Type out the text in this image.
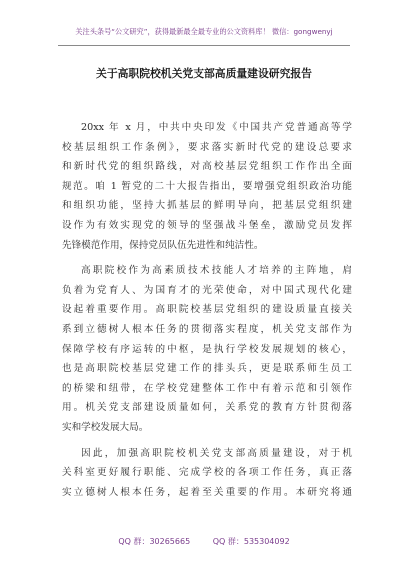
关注头条号“公文研究”，获得最新最全最专业的公文资料库！ 微信：gongwenyj
关于高职院校机关党支部高质量建设研究报告

20xx 年 x 月，中共中央印发《中国共产党普通高等学
校基层组织工作条例》，要求落实新时代党的建设总要求
和新时代党的组织路线，对高校基层党组织工作作出全面
规范。咱 1 暂党的二十大报告指出，要增强党组织政治功能
和组织功能，坚持大抓基层的鲜明导向，把基层党组织建
设作为有效实现党的领导的坚强战斗堡垒，激励党员发挥
先锋模范作用，保持党员队伍先进性和纯洁性。

高职院校作为高素质技术技能人才培养的主阵地，肩
负着为党育人、为国育才的光荣使命，对中国式现代化建
设起着重要作用。高职院校基层党组织的建设质量直接关
系到立德树人根本任务的贯彻落实程度，机关党支部作为
保障学校有序运转的中枢，是执行学校发展规划的核心，
也是高职院校基层党建工作的排头兵，更是联系师生员工
的桥梁和纽带，在学校党建整体工作中有着示范和引领作
用。机关党支部建设质量如何，关系党的教育方针贯彻落
实和学校发展大局。

因此，加强高职院校机关党支部高质量建设，对于机
关科室更好履行职能、完成学校的各项工作任务，真正落
实立德树人根本任务，起着至关重要的作用。本研究将通

QQ 群：30265665	QQ 群：535304092
